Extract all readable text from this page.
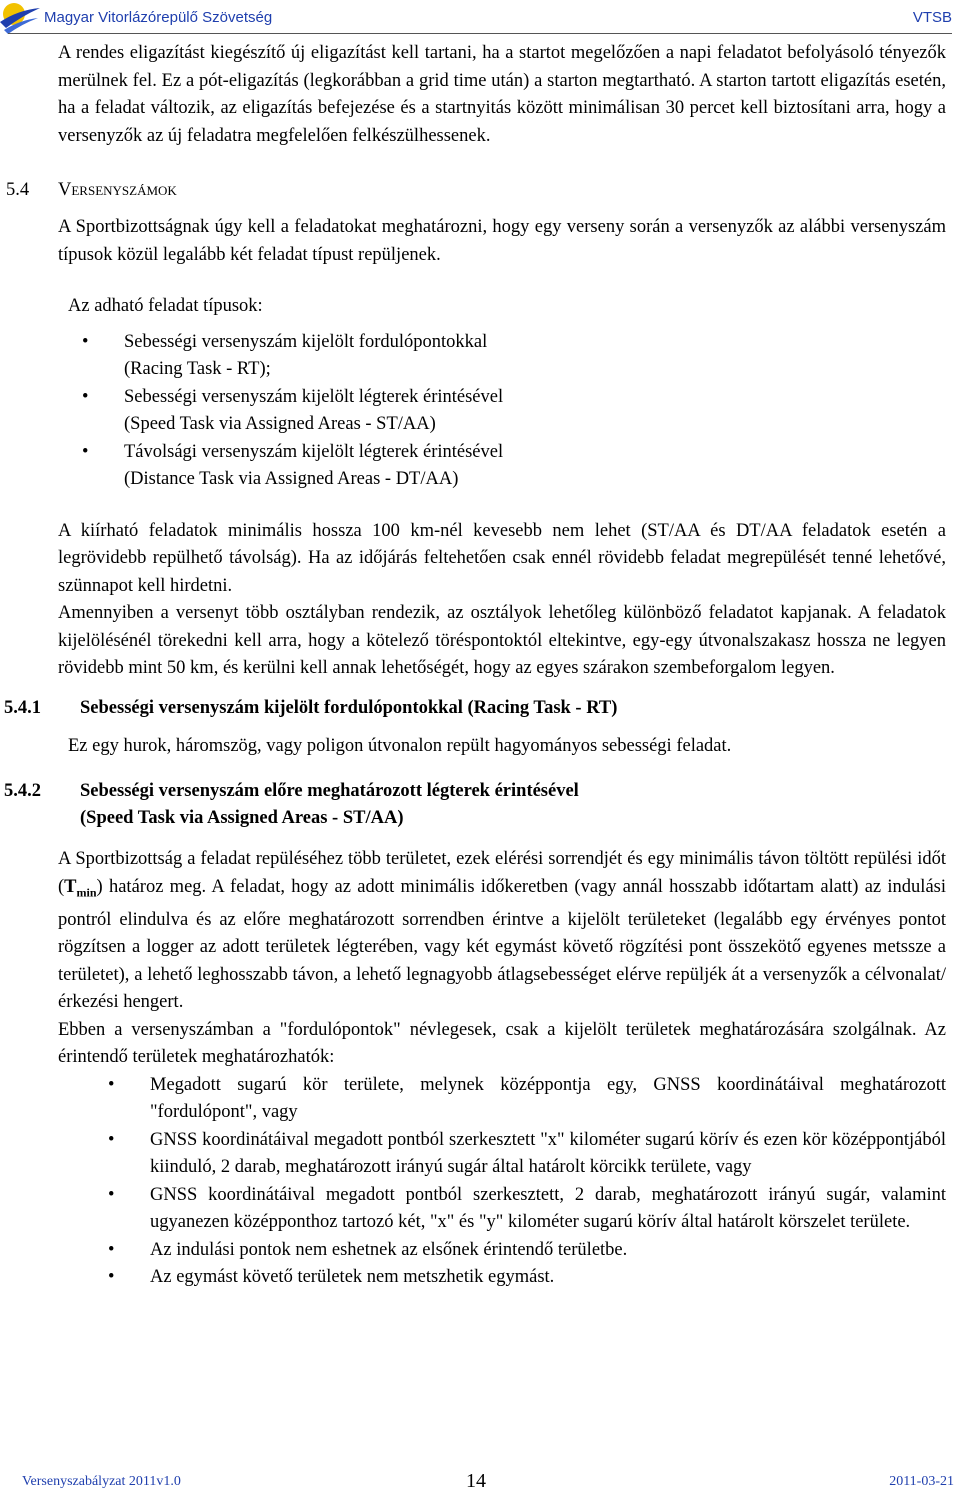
Magyar Vitorlázórepülő Szövetség	VTSB

A rendes eligazítást kiegészítő új eligazítást kell tartani, ha a startot megelőzően a napi feladatot befolyásoló tényezők merülnek fel. Ez a pót-eligazítás (legkorábban a grid time után) a starton megtartható. A starton tartott eligazítás esetén, ha a feladat változik, az eligazítás befejezése és a startnyitás között minimálisan 30 percet kell biztosítani arra, hogy a versenyzők az új feladatra megfelelően felkészülhessenek.

5.4 Versenyszámok

A Sportbizottságnak úgy kell a feladatokat meghatározni, hogy egy verseny során a versenyzők az alábbi versenyszám típusok közül legalább két feladat típust repüljenek.

Az adható feladat típusok:

• Sebességi versenyszám kijelölt fordulópontokkal
(Racing Task - RT);
• Sebességi versenyszám kijelölt légterek érintésével
(Speed Task via Assigned Areas - ST/AA)
• Távolsági versenyszám kijelölt légterek érintésével
(Distance Task via Assigned Areas - DT/AA)

A kiírható feladatok minimális hossza 100 km-nél kevesebb nem lehet (ST/AA és DT/AA feladatok esetén a legrövidebb repülhető távolság). Ha az időjárás feltehetően csak ennél rövidebb feladat megrepülését tenné lehetővé, szünnapot kell hirdetni.

Amennyiben a versenyt több osztályban rendezik, az osztályok lehetőleg különböző feladatot kapjanak. A feladatok kijelölésénél törekedni kell arra, hogy a kötelező töréspontoktól eltekintve, egy-egy útvonalszakasz hossza ne legyen rövidebb mint 50 km, és kerülni kell annak lehetőségét, hogy az egyes szárakon szembeforgalom legyen.

5.4.1 Sebességi versenyszám kijelölt fordulópontokkal (Racing Task - RT)

Ez egy hurok, háromszög, vagy poligon útvonalon repült hagyományos sebességi feladat.

5.4.2 Sebességi versenyszám előre meghatározott légterek érintésével
(Speed Task via Assigned Areas - ST/AA)

A Sportbizottság a feladat repüléséhez több területet, ezek elérési sorrendjét és egy minimális távon töltött repülési időt $(T_{min})$ határoz meg. A feladat, hogy az adott minimális időkeretben (vagy annál hosszabb időtartam alatt) az indulási pontról elindulva és az előre meghatározott sorrendben érintve a kijelölt területeket (legalább egy érvényes pontot rögzítsen a logger az adott területek légterében, vagy két egymást követő rögzítési pont összekötő egyenes metssze a területet), a lehető leghosszabb távon, a lehető legnagyobb átlagsebességet elérve repüljék át a versenyzők a célvonalat/érkezési hengert.

Ebben a versenyszámban a "fordulópontok" névlegesek, csak a kijelölt területek meghatározására szolgálnak. Az érintendő területek meghatározhatók:

• Megadott sugarú kör területe, melynek középpontja egy, GNSS koordinátáival meghatározott "fordulópont", vagy
• GNSS koordinátáival megadott pontból szerkesztett "x" kilométer sugarú körív és ezen kör középpontjából kiinduló, 2 darab, meghatározott irányú sugár által határolt körcikk területe, vagy
• GNSS koordinátáival megadott pontból szerkesztett, 2 darab, meghatározott irányú sugár, valamint ugyanezen középponthoz tartozó két, "x" és "y" kilométer sugarú körív által határolt körszelet területe.
• Az indulási pontok nem eshetnek az elsőnek érintendő területbe.
• Az egymást követő területek nem metszhetik egymást.
Versenyszabályzat 2011v1.0	14	2011-03-21
